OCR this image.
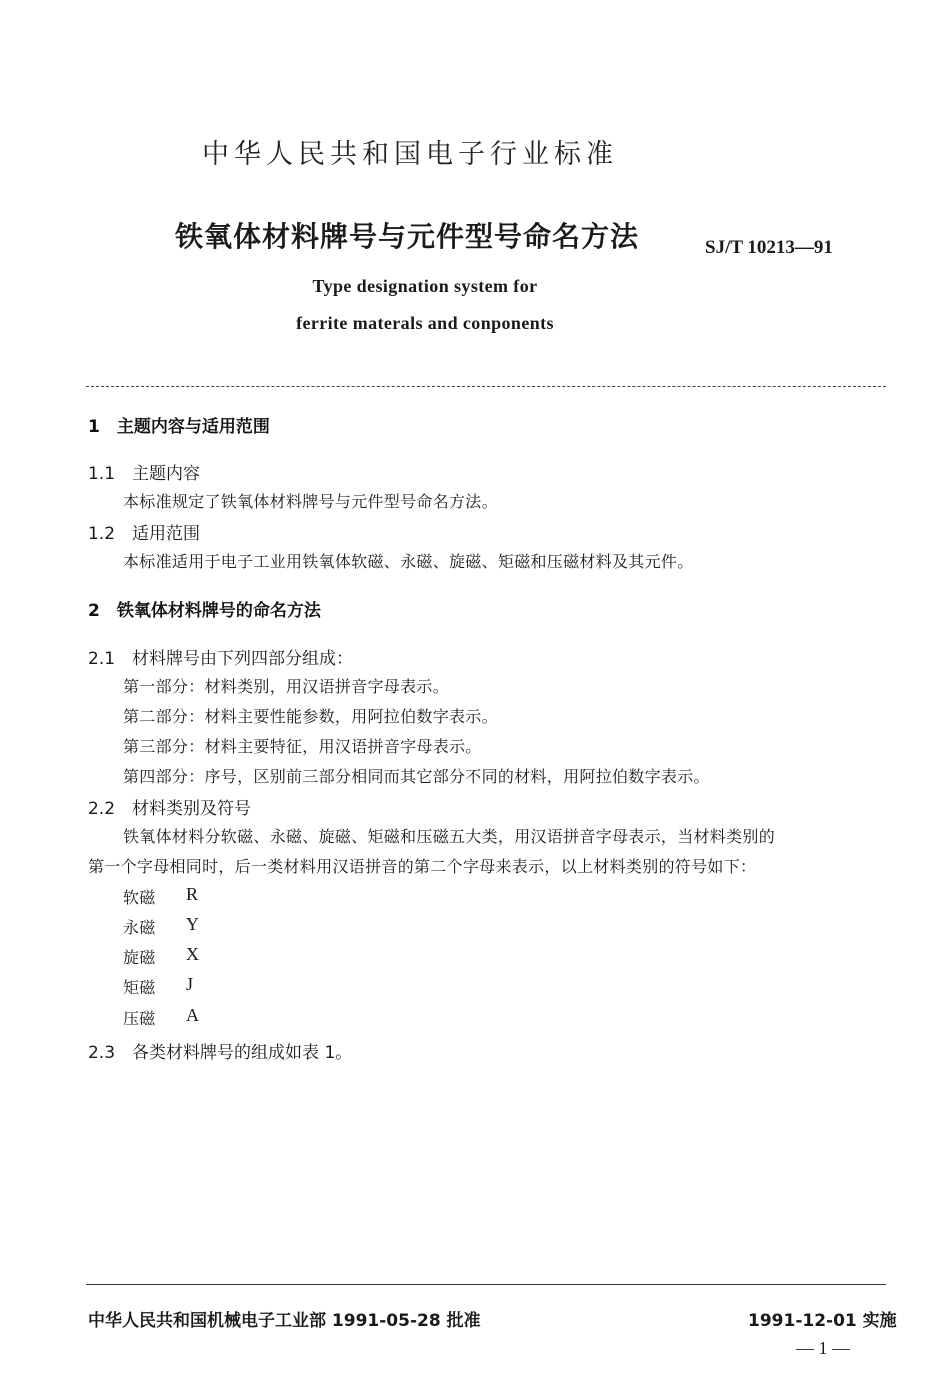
中华人民共和国电子行业标准
铁氧体材料牌号与元件型号命名方法	SJ/T 10213—91
Type designation system for
ferrite materals and conponents
1　主题内容与适用范围
1.1　主题内容
本标准规定了铁氧体材料牌号与元件型号命名方法。
1.2　适用范围
本标准适用于电子工业用铁氧体软磁、永磁、旋磁、矩磁和压磁材料及其元件。
2　铁氧体材料牌号的命名方法
2.1　材料牌号由下列四部分组成：
第一部分：材料类别，用汉语拼音字母表示。
第二部分：材料主要性能参数，用阿拉伯数字表示。
第三部分：材料主要特征，用汉语拼音字母表示。
第四部分：序号，区别前三部分相同而其它部分不同的材料，用阿拉伯数字表示。
2.2　材料类别及符号
铁氧体材料分软磁、永磁、旋磁、矩磁和压磁五大类，用汉语拼音字母表示，当材料类别的
第一个字母相同时，后一类材料用汉语拼音的第二个字母来表示，以上材料类别的符号如下：
软磁 R
永磁 Y
旋磁 X
矩磁 J
压磁 A
2.3　各类材料牌号的组成如表 1。
中华人民共和国机械电子工业部 1991-05-28 批准	1991-12-01 实施
— 1 —
